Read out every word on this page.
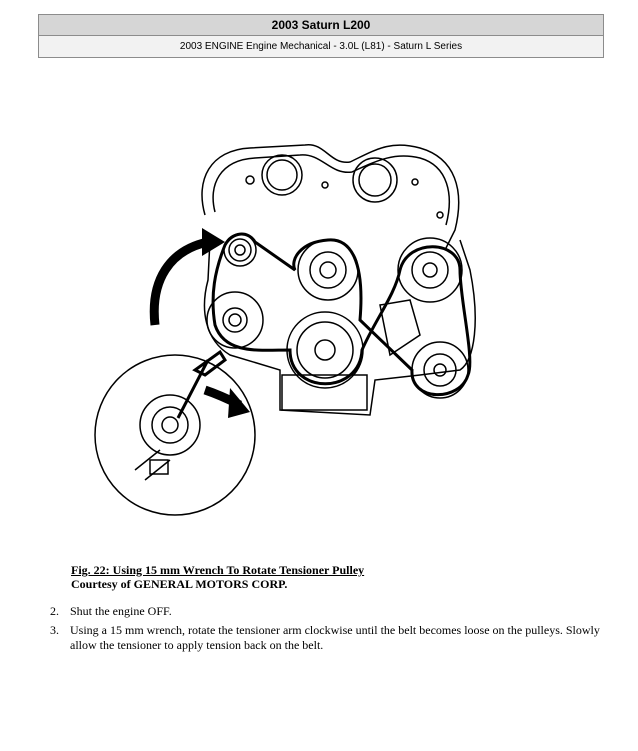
2003 Saturn L200
2003 ENGINE Engine Mechanical - 3.0L (L81) - Saturn L Series
Fig. 22: Using 15 mm Wrench To Rotate Tensioner Pulley
Courtesy of GENERAL MOTORS CORP.
2. Shut the engine OFF.
3. Using a 15 mm wrench, rotate the tensioner arm clockwise until the belt becomes loose on the pulleys. Slowly allow the tensioner to apply tension back on the belt.
